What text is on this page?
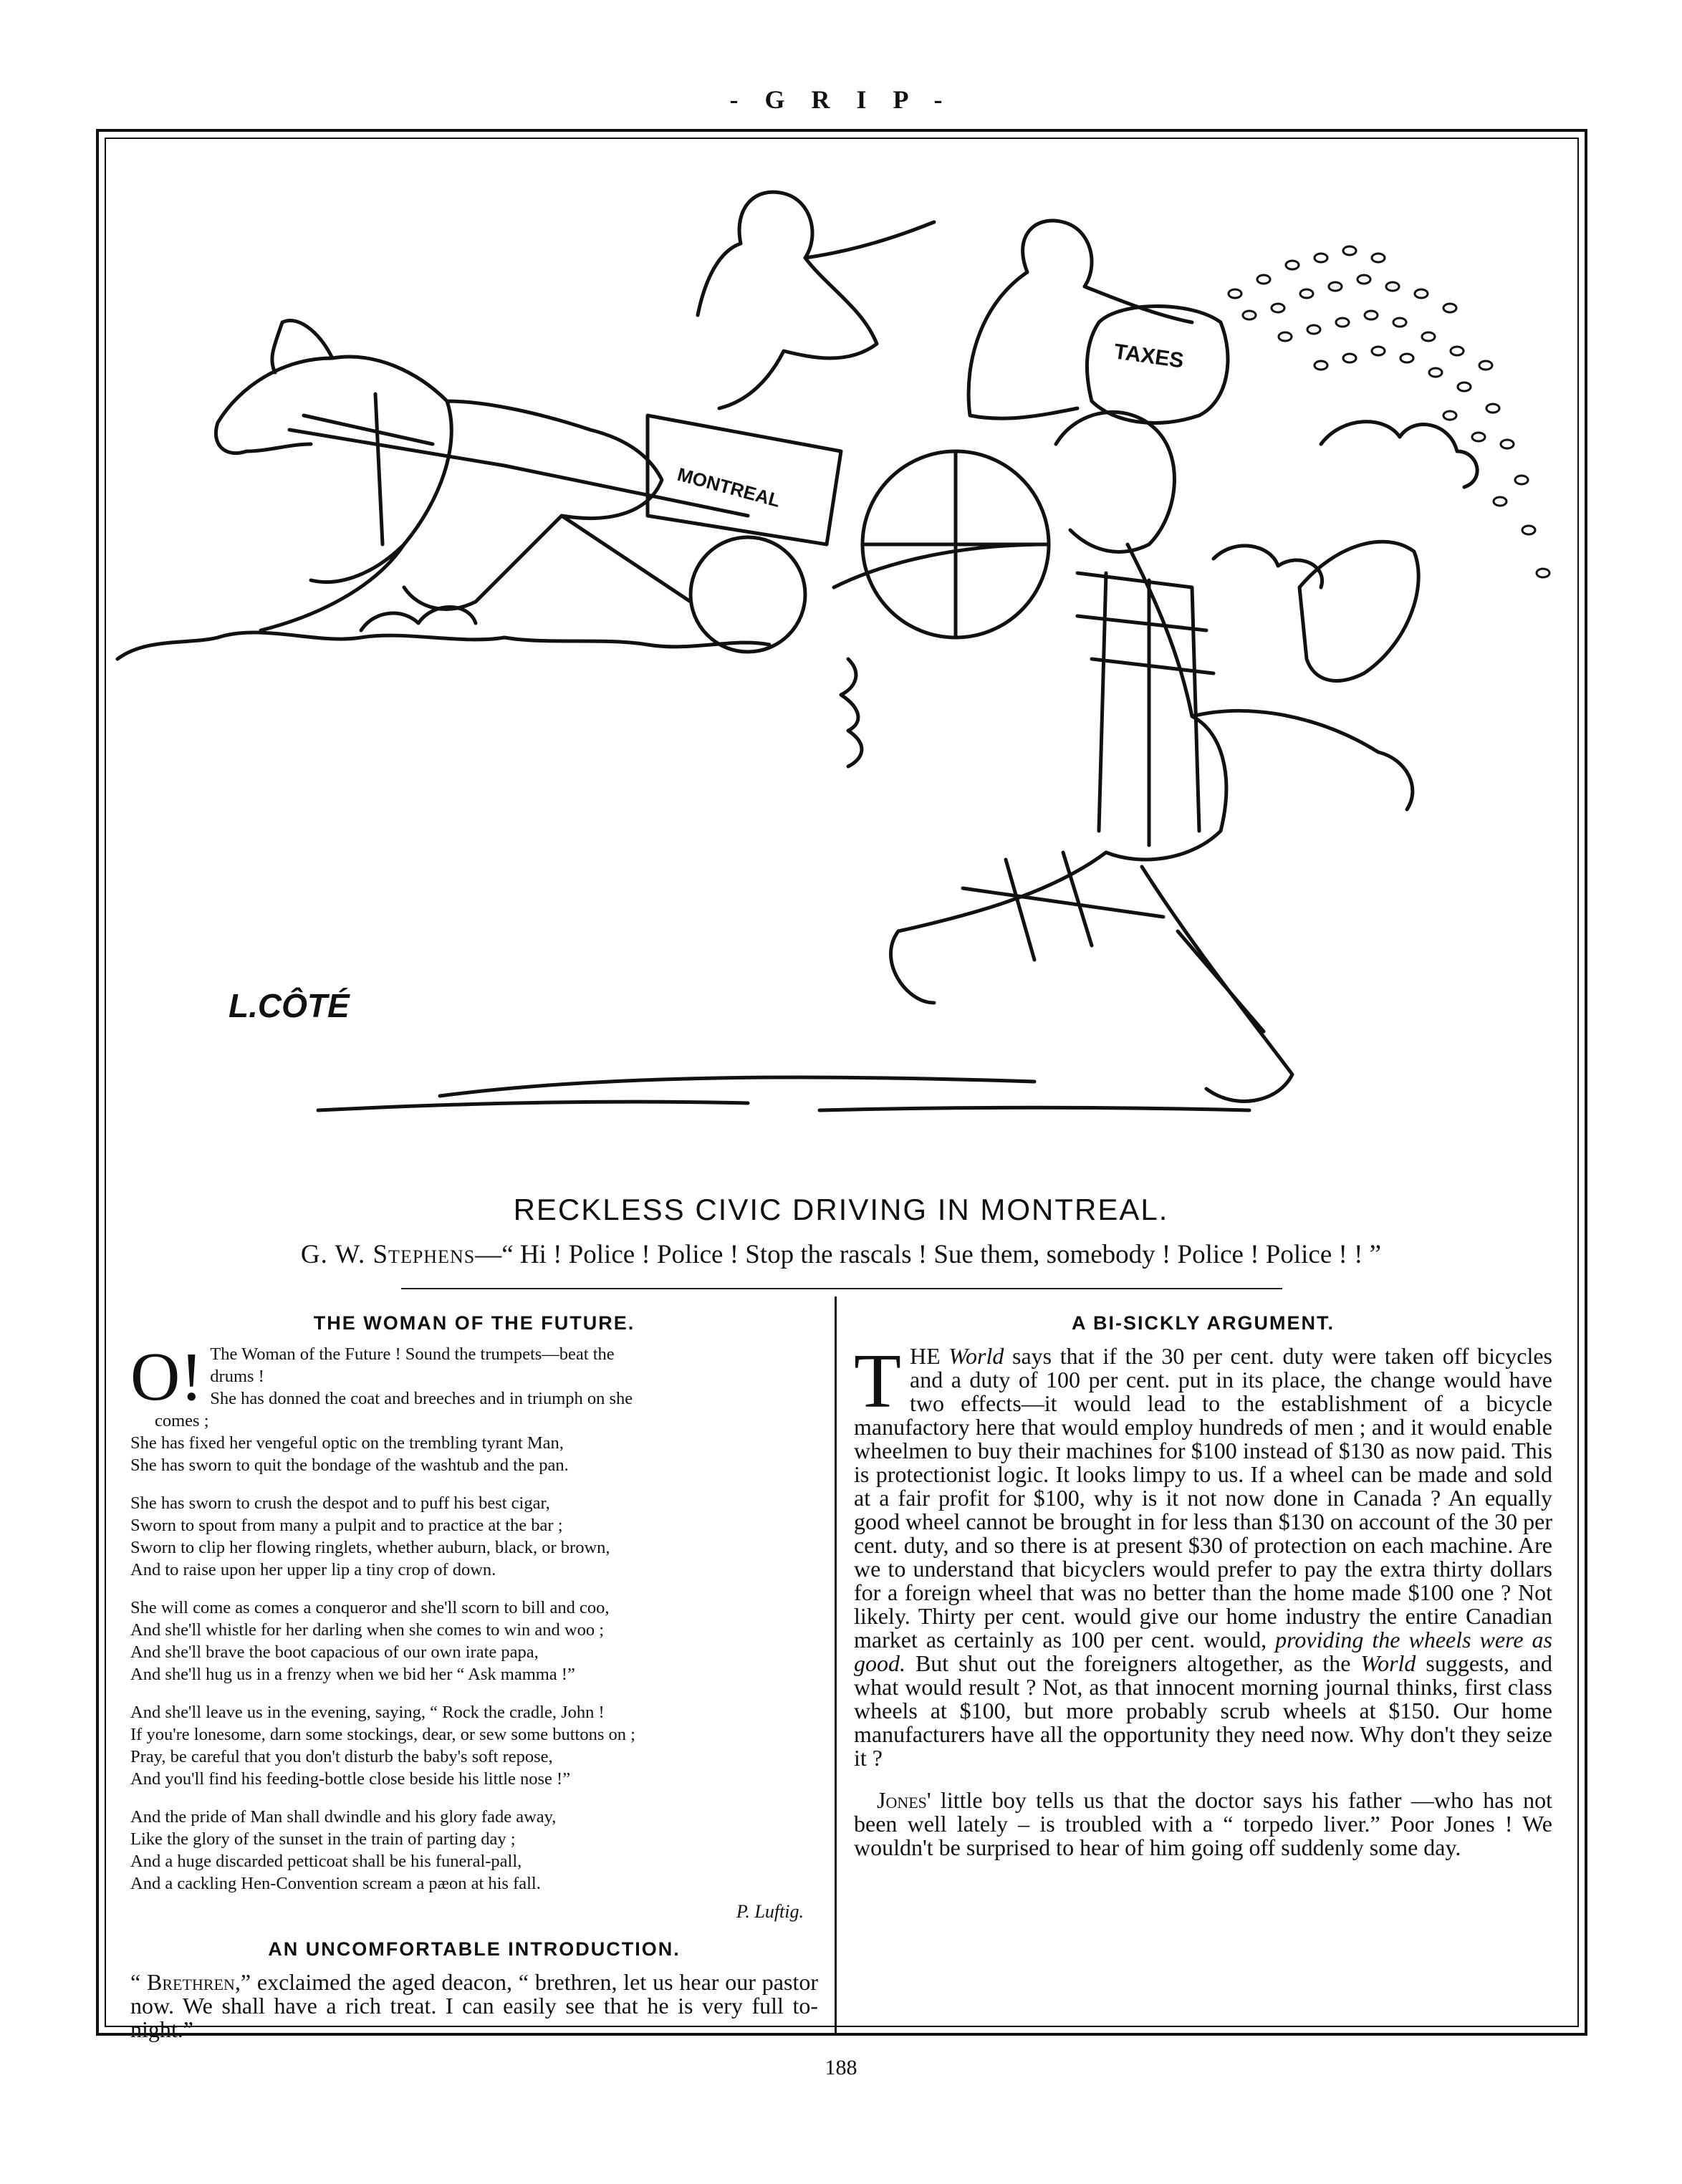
- G R I P -
MONTREAL
TAXES
L.CÔTÉ
RECKLESS CIVIC DRIVING IN MONTREAL.
G. W. Stephens—“ Hi ! Police ! Police ! Stop the rascals ! Sue them, somebody ! Police ! Police ! ! ”
THE WOMAN OF THE FUTURE.

O! The Woman of the Future ! Sound the trumpets—beat the
drums !
She has donned the coat and breeches and in triumph on she
comes ;
She has fixed her vengeful optic on the trembling tyrant Man,
She has sworn to quit the bondage of the washtub and the pan.

She has sworn to crush the despot and to puff his best cigar,
Sworn to spout from many a pulpit and to practice at the bar ;
Sworn to clip her flowing ringlets, whether auburn, black, or brown,
And to raise upon her upper lip a tiny crop of down.

She will come as comes a conqueror and she'll scorn to bill and coo,
And she'll whistle for her darling when she comes to win and woo ;
And she'll brave the boot capacious of our own irate papa,
And she'll hug us in a frenzy when we bid her “ Ask mamma !”

And she'll leave us in the evening, saying, “ Rock the cradle, John !
If you're lonesome, darn some stockings, dear, or sew some buttons on ;
Pray, be careful that you don't disturb the baby's soft repose,
And you'll find his feeding-bottle close beside his little nose !”

And the pride of Man shall dwindle and his glory fade away,
Like the glory of the sunset in the train of parting day ;
And a huge discarded petticoat shall be his funeral-pall,
And a cackling Hen-Convention scream a pæon at his fall.

P. Luftig.
AN UNCOMFORTABLE INTRODUCTION.

“ Brethren,” exclaimed the aged deacon, “ brethren, let us hear our pastor now. We shall have a rich treat. I can easily see that he is very full to-night.”

A BI-SICKLY ARGUMENT.

THE World says that if the 30 per cent. duty were taken off bicycles and a duty of 100 per cent. put in its place, the change would have two effects—it would lead to the establishment of a bicycle manufactory here that would employ hundreds of men ; and it would enable wheelmen to buy their machines for $100 instead of $130 as now paid. This is protectionist logic. It looks limpy to us. If a wheel can be made and sold at a fair profit for $100, why is it not now done in Canada ? An equally good wheel cannot be brought in for less than $130 on account of the 30 per cent. duty, and so there is at present $30 of protection on each machine. Are we to understand that bicyclers would prefer to pay the extra thirty dollars for a foreign wheel that was no better than the home made $100 one ? Not likely. Thirty per cent. would give our home industry the entire Canadian market as certainly as 100 per cent. would, providing the wheels were as good. But shut out the foreigners altogether, as the World suggests, and what would result ? Not, as that innocent morning journal thinks, first class wheels at $100, but more probably scrub wheels at $150. Our home manufacturers have all the opportunity they need now. Why don't they seize it ?

Jones' little boy tells us that the doctor says his father —who has not been well lately – is troubled with a “ torpedo liver.” Poor Jones ! We wouldn't be surprised to hear of him going off suddenly some day.

188
